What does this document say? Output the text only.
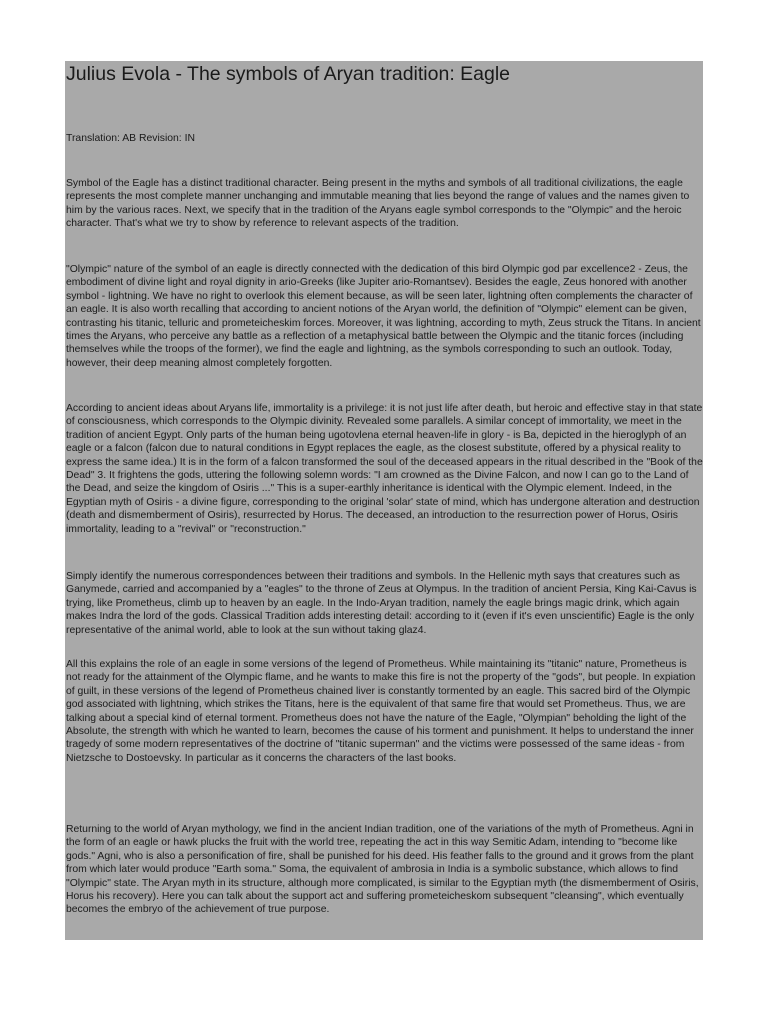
Julius Evola - The symbols of Aryan tradition: Eagle
Translation: AB Revision: IN

Symbol of the Eagle has a distinct traditional character. Being present in the myths and symbols of all traditional civilizations, the eagle represents the most complete manner unchanging and immutable meaning that lies beyond the range of values and the names given to him by the various races. Next, we specify that in the tradition of the Aryans eagle symbol corresponds to the "Olympic" and the heroic character. That's what we try to show by reference to relevant aspects of the tradition.

"Olympic" nature of the symbol of an eagle is directly connected with the dedication of this bird Olympic god par excellence2 - Zeus, the embodiment of divine light and royal dignity in ario-Greeks (like Jupiter ario-Romantsev). Besides the eagle, Zeus honored with another symbol - lightning. We have no right to overlook this element because, as will be seen later, lightning often complements the character of an eagle. It is also worth recalling that according to ancient notions of the Aryan world, the definition of "Olympic" element can be given, contrasting his titanic, telluric and prometeicheskim forces. Moreover, it was lightning, according to myth, Zeus struck the Titans. In ancient times the Aryans, who perceive any battle as a reflection of a metaphysical battle between the Olympic and the titanic forces (including themselves while the troops of the former), we find the eagle and lightning, as the symbols corresponding to such an outlook. Today, however, their deep meaning almost completely forgotten.

According to ancient ideas about Aryans life, immortality is a privilege: it is not just life after death, but heroic and effective stay in that state of consciousness, which corresponds to the Olympic divinity. Revealed some parallels. A similar concept of immortality, we meet in the tradition of ancient Egypt. Only parts of the human being ugotovlena eternal heaven-life in glory - is Ba, depicted in the hieroglyph of an eagle or a falcon (falcon due to natural conditions in Egypt replaces the eagle, as the closest substitute, offered by a physical reality to express the same idea.) It is in the form of a falcon transformed the soul of the deceased appears in the ritual described in the "Book of the Dead" 3. It frightens the gods, uttering the following solemn words: "I am crowned as the Divine Falcon, and now I can go to the Land of the Dead, and seize the kingdom of Osiris ..." This is a super-earthly inheritance is identical with the Olympic element. Indeed, in the Egyptian myth of Osiris - a divine figure, corresponding to the original 'solar' state of mind, which has undergone alteration and destruction (death and dismemberment of Osiris), resurrected by Horus. The deceased, an introduction to the resurrection power of Horus, Osiris immortality, leading to a "revival" or "reconstruction."

Simply identify the numerous correspondences between their traditions and symbols. In the Hellenic myth says that creatures such as Ganymede, carried and accompanied by a "eagles" to the throne of Zeus at Olympus. In the tradition of ancient Persia, King Kai-Cavus is trying, like Prometheus, climb up to heaven by an eagle. In the Indo-Aryan tradition, namely the eagle brings magic drink, which again makes Indra the lord of the gods. Classical Tradition adds interesting detail: according to it (even if it's even unscientific) Eagle is the only representative of the animal world, able to look at the sun without taking glaz4.

All this explains the role of an eagle in some versions of the legend of Prometheus. While maintaining its "titanic" nature, Prometheus is not ready for the attainment of the Olympic flame, and he wants to make this fire is not the property of the "gods", but people. In expiation of guilt, in these versions of the legend of Prometheus chained liver is constantly tormented by an eagle. This sacred bird of the Olympic god associated with lightning, which strikes the Titans, here is the equivalent of that same fire that would set Prometheus. Thus, we are talking about a special kind of eternal torment. Prometheus does not have the nature of the Eagle, "Olympian" beholding the light of the Absolute, the strength with which he wanted to learn, becomes the cause of his torment and punishment. It helps to understand the inner tragedy of some modern representatives of the doctrine of "titanic superman" and the victims were possessed of the same ideas - from Nietzsche to Dostoevsky. In particular as it concerns the characters of the last books.

Returning to the world of Aryan mythology, we find in the ancient Indian tradition, one of the variations of the myth of Prometheus. Agni in the form of an eagle or hawk plucks the fruit with the world tree, repeating the act in this way Semitic Adam, intending to "become like gods." Agni, who is also a personification of fire, shall be punished for his deed. His feather falls to the ground and it grows from the plant from which later would produce "Earth soma." Soma, the equivalent of ambrosia in India is a symbolic substance, which allows to find "Olympic" state. The Aryan myth in its structure, although more complicated, is similar to the Egyptian myth (the dismemberment of Osiris, Horus his recovery). Here you can talk about the support act and suffering prometeicheskom subsequent "cleansing", which eventually becomes the embryo of the achievement of true purpose.
